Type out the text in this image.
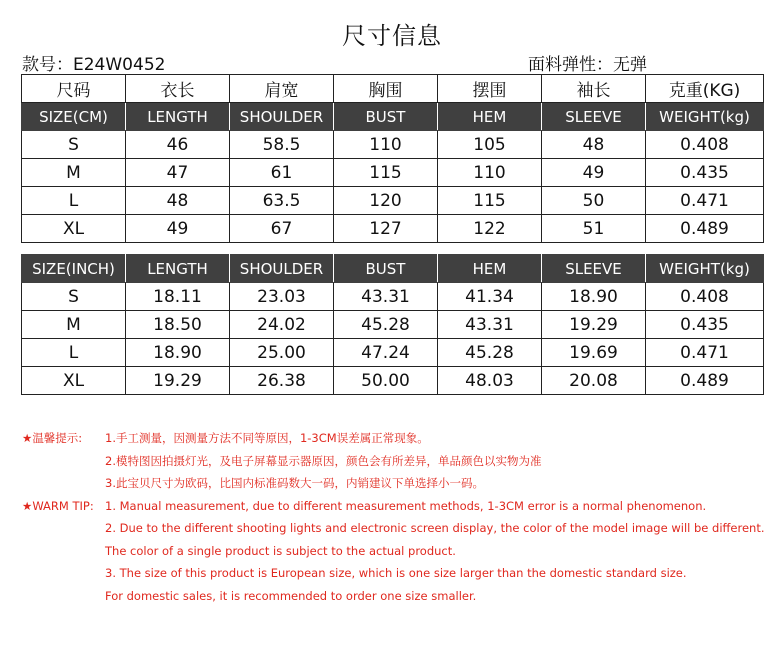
尺寸信息
款号：E24W0452	面料弹性：无弹
尺码	衣长	肩宽	胸围	摆围	袖长	克重(KG)
SIZE(CM)	LENGTH	SHOULDER	BUST	HEM	SLEEVE	WEIGHT(kg)
S	46	58.5	110	105	48	0.408
M	47	61	115	110	49	0.435
L	48	63.5	120	115	50	0.471
XL	49	67	127	122	51	0.489
SIZE(INCH)	LENGTH	SHOULDER	BUST	HEM	SLEEVE	WEIGHT(kg)
S	18.11	23.03	43.31	41.34	18.90	0.408
M	18.50	24.02	45.28	43.31	19.29	0.435
L	18.90	25.00	47.24	45.28	19.69	0.471
XL	19.29	26.38	50.00	48.03	20.08	0.489
★温馨提示: 1.手工测量，因测量方法不同等原因，1-3CM误差属正常现象。
2.模特图因拍摄灯光，及电子屏幕显示器原因，颜色会有所差异，单品颜色以实物为准
3.此宝贝尺寸为欧码，比国内标准码数大一码，内销建议下单选择小一码。
★WARM TIP: 1. Manual measurement, due to different measurement methods, 1-3CM error is a normal phenomenon.
2. Due to the different shooting lights and electronic screen display, the color of the model image will be different.
The color of a single product is subject to the actual product.
3. The size of this product is European size, which is one size larger than the domestic standard size.
For domestic sales, it is recommended to order one size smaller.
